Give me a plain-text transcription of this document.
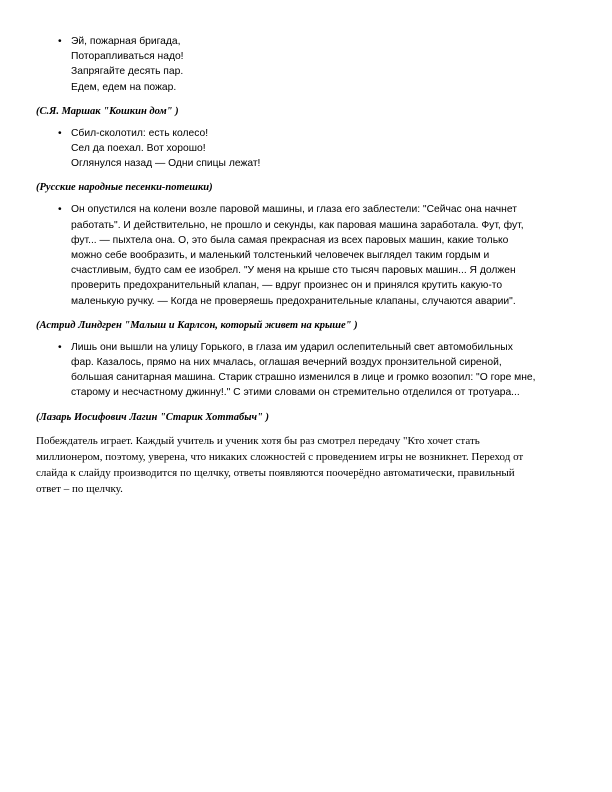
• Эй, пожарная бригада,
Поторапливаться надо!
Запрягайте десять пар.
Едем, едем на пожар.
(С.Я. Маршак "Кошкин дом" )
• Сбил-сколотил: есть колесо!
Сел да поехал. Вот хорошо!
Оглянулся назад — Одни спицы лежат!
(Русские народные песенки-потешки)
• Он опустился на колени возле паровой машины, и глаза его заблестели: "Сейчас она начнет
работать". И действительно, не прошло и секунды, как паровая машина заработала. Фут, фут,
фут... — пыхтела она. О, это была самая прекрасная из всех паровых машин, какие только
можно себе вообразить, и маленький толстенький человечек выглядел таким гордым и
счастливым, будто сам ее изобрел. "У меня на крыше сто тысяч паровых машин... Я должен
проверить предохранительный клапан, — вдруг произнес он и принялся крутить какую-то
маленькую ручку. — Когда не проверяешь предохранительные клапаны, случаются аварии".
(Астрид Линдгрен "Малыш и Карлсон, который живет на крыше" )
• Лишь они вышли на улицу Горького, в глаза им ударил ослепительный свет автомобильных
фар. Казалось, прямо на них мчалась, оглашая вечерний воздух пронзительной сиреной,
большая санитарная машина. Старик страшно изменился в лице и громко возопил: "О горе мне,
старому и несчастному джинну!." С этими словами он стремительно отделился от тротуара...
(Лазарь Иосифович Лагин "Старик Хоттабыч" )
Побеждатель играет. Каждый учитель и ученик хотя бы раз смотрел передачу "Кто хочет стать
миллионером, поэтому, уверена, что никаких сложностей с проведением игры не возникнет. Переход от
слайда к слайду производится по щелчку, ответы появляются поочерёдно автоматически, правильный
ответ – по щелчку.
